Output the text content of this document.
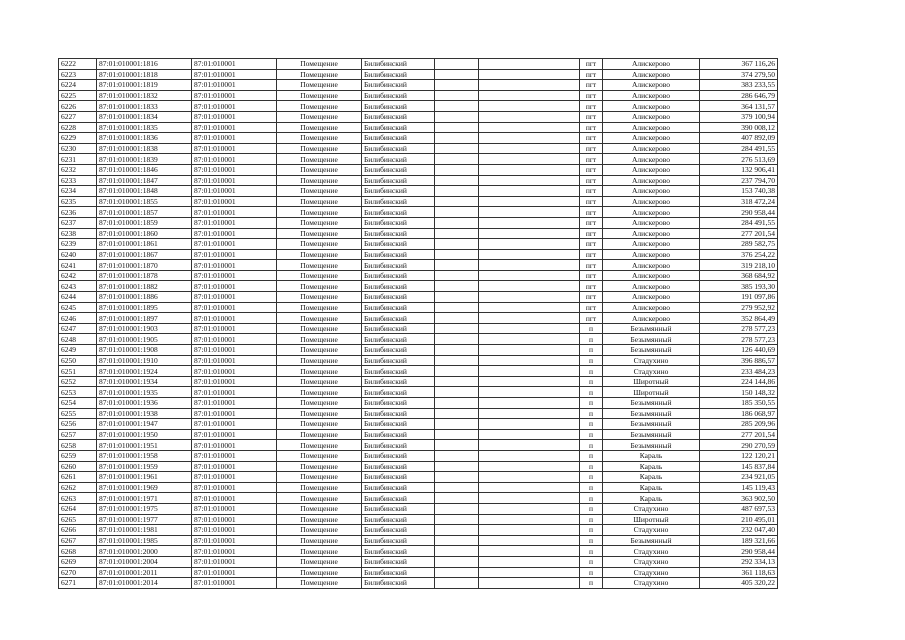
6222	87:01:010001:1816	87:01:010001	Помещение	Билибинский			пгт	Алискерово	367 116,26
6223	87:01:010001:1818	87:01:010001	Помещение	Билибинский			пгт	Алискерово	374 279,50
6224	87:01:010001:1819	87:01:010001	Помещение	Билибинский			пгт	Алискерово	383 233,55
6225	87:01:010001:1832	87:01:010001	Помещение	Билибинский			пгт	Алискерово	286 646,79
6226	87:01:010001:1833	87:01:010001	Помещение	Билибинский			пгт	Алискерово	364 131,57
6227	87:01:010001:1834	87:01:010001	Помещение	Билибинский			пгт	Алискерово	379 100,94
6228	87:01:010001:1835	87:01:010001	Помещение	Билибинский			пгт	Алискерово	390 008,12
6229	87:01:010001:1836	87:01:010001	Помещение	Билибинский			пгт	Алискерово	407 892,09
6230	87:01:010001:1838	87:01:010001	Помещение	Билибинский			пгт	Алискерово	284 491,55
6231	87:01:010001:1839	87:01:010001	Помещение	Билибинский			пгт	Алискерово	276 513,69
6232	87:01:010001:1846	87:01:010001	Помещение	Билибинский			пгт	Алискерово	132 906,41
6233	87:01:010001:1847	87:01:010001	Помещение	Билибинский			пгт	Алискерово	237 794,70
6234	87:01:010001:1848	87:01:010001	Помещение	Билибинский			пгт	Алискерово	153 740,38
6235	87:01:010001:1855	87:01:010001	Помещение	Билибинский			пгт	Алискерово	318 472,24
6236	87:01:010001:1857	87:01:010001	Помещение	Билибинский			пгт	Алискерово	290 958,44
6237	87:01:010001:1859	87:01:010001	Помещение	Билибинский			пгт	Алискерово	284 491,55
6238	87:01:010001:1860	87:01:010001	Помещение	Билибинский			пгт	Алискерово	277 201,54
6239	87:01:010001:1861	87:01:010001	Помещение	Билибинский			пгт	Алискерово	289 582,75
6240	87:01:010001:1867	87:01:010001	Помещение	Билибинский			пгт	Алискерово	376 254,22
6241	87:01:010001:1870	87:01:010001	Помещение	Билибинский			пгт	Алискерово	319 218,10
6242	87:01:010001:1878	87:01:010001	Помещение	Билибинский			пгт	Алискерово	368 684,92
6243	87:01:010001:1882	87:01:010001	Помещение	Билибинский			пгт	Алискерово	385 193,30
6244	87:01:010001:1886	87:01:010001	Помещение	Билибинский			пгт	Алискерово	191 097,86
6245	87:01:010001:1895	87:01:010001	Помещение	Билибинский			пгт	Алискерово	279 952,92
6246	87:01:010001:1897	87:01:010001	Помещение	Билибинский			пгт	Алискерово	352 864,49
6247	87:01:010001:1903	87:01:010001	Помещение	Билибинский			п	Безымянный	278 577,23
6248	87:01:010001:1905	87:01:010001	Помещение	Билибинский			п	Безымянный	278 577,23
6249	87:01:010001:1908	87:01:010001	Помещение	Билибинский			п	Безымянный	126 440,69
6250	87:01:010001:1910	87:01:010001	Помещение	Билибинский			п	Стадухино	396 886,57
6251	87:01:010001:1924	87:01:010001	Помещение	Билибинский			п	Стадухино	233 484,23
6252	87:01:010001:1934	87:01:010001	Помещение	Билибинский			п	Широтный	224 144,86
6253	87:01:010001:1935	87:01:010001	Помещение	Билибинский			п	Широтный	150 148,32
6254	87:01:010001:1936	87:01:010001	Помещение	Билибинский			п	Безымянный	185 350,55
6255	87:01:010001:1938	87:01:010001	Помещение	Билибинский			п	Безымянный	186 068,97
6256	87:01:010001:1947	87:01:010001	Помещение	Билибинский			п	Безымянный	285 209,96
6257	87:01:010001:1950	87:01:010001	Помещение	Билибинский			п	Безымянный	277 201,54
6258	87:01:010001:1951	87:01:010001	Помещение	Билибинский			п	Безымянный	290 270,59
6259	87:01:010001:1958	87:01:010001	Помещение	Билибинский			п	Караль	122 120,21
6260	87:01:010001:1959	87:01:010001	Помещение	Билибинский			п	Караль	145 837,84
6261	87:01:010001:1961	87:01:010001	Помещение	Билибинский			п	Караль	234 921,05
6262	87:01:010001:1969	87:01:010001	Помещение	Билибинский			п	Караль	145 119,43
6263	87:01:010001:1971	87:01:010001	Помещение	Билибинский			п	Караль	363 902,50
6264	87:01:010001:1975	87:01:010001	Помещение	Билибинский			п	Стадухино	487 697,53
6265	87:01:010001:1977	87:01:010001	Помещение	Билибинский			п	Широтный	210 495,01
6266	87:01:010001:1981	87:01:010001	Помещение	Билибинский			п	Стадухино	232 047,40
6267	87:01:010001:1985	87:01:010001	Помещение	Билибинский			п	Безымянный	189 321,66
6268	87:01:010001:2000	87:01:010001	Помещение	Билибинский			п	Стадухино	290 958,44
6269	87:01:010001:2004	87:01:010001	Помещение	Билибинский			п	Стадухино	292 334,13
6270	87:01:010001:2011	87:01:010001	Помещение	Билибинский			п	Стадухино	361 118,63
6271	87:01:010001:2014	87:01:010001	Помещение	Билибинский			п	Стадухино	405 320,22
